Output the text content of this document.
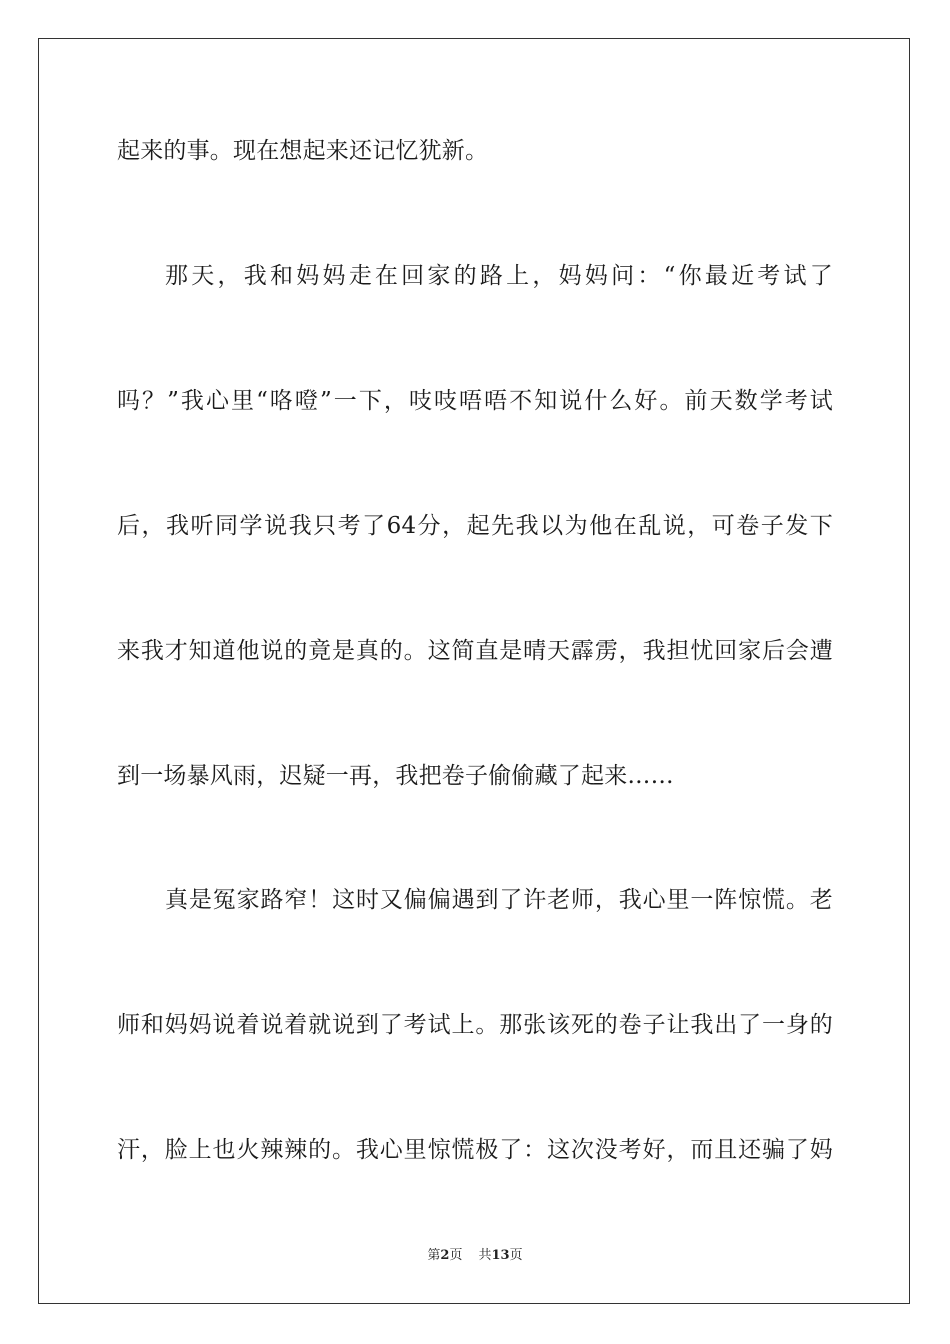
起来的事。现在想起来还记忆犹新。
那天，我和妈妈走在回家的路上，妈妈问：“你最近考试了
吗？”我心里“咯噔”一下，吱吱唔唔不知说什么好。前天数学考试
后，我听同学说我只考了64分，起先我以为他在乱说，可卷子发下
来我才知道他说的竟是真的。这简直是晴天霹雳，我担忧回家后会遭
到一场暴风雨，迟疑一再，我把卷子偷偷藏了起来……
真是冤家路窄！这时又偏偏遇到了许老师，我心里一阵惊慌。老
师和妈妈说着说着就说到了考试上。那张该死的卷子让我出了一身的
汗，脸上也火辣辣的。我心里惊慌极了：这次没考好，而且还骗了妈
第2页 共13页
